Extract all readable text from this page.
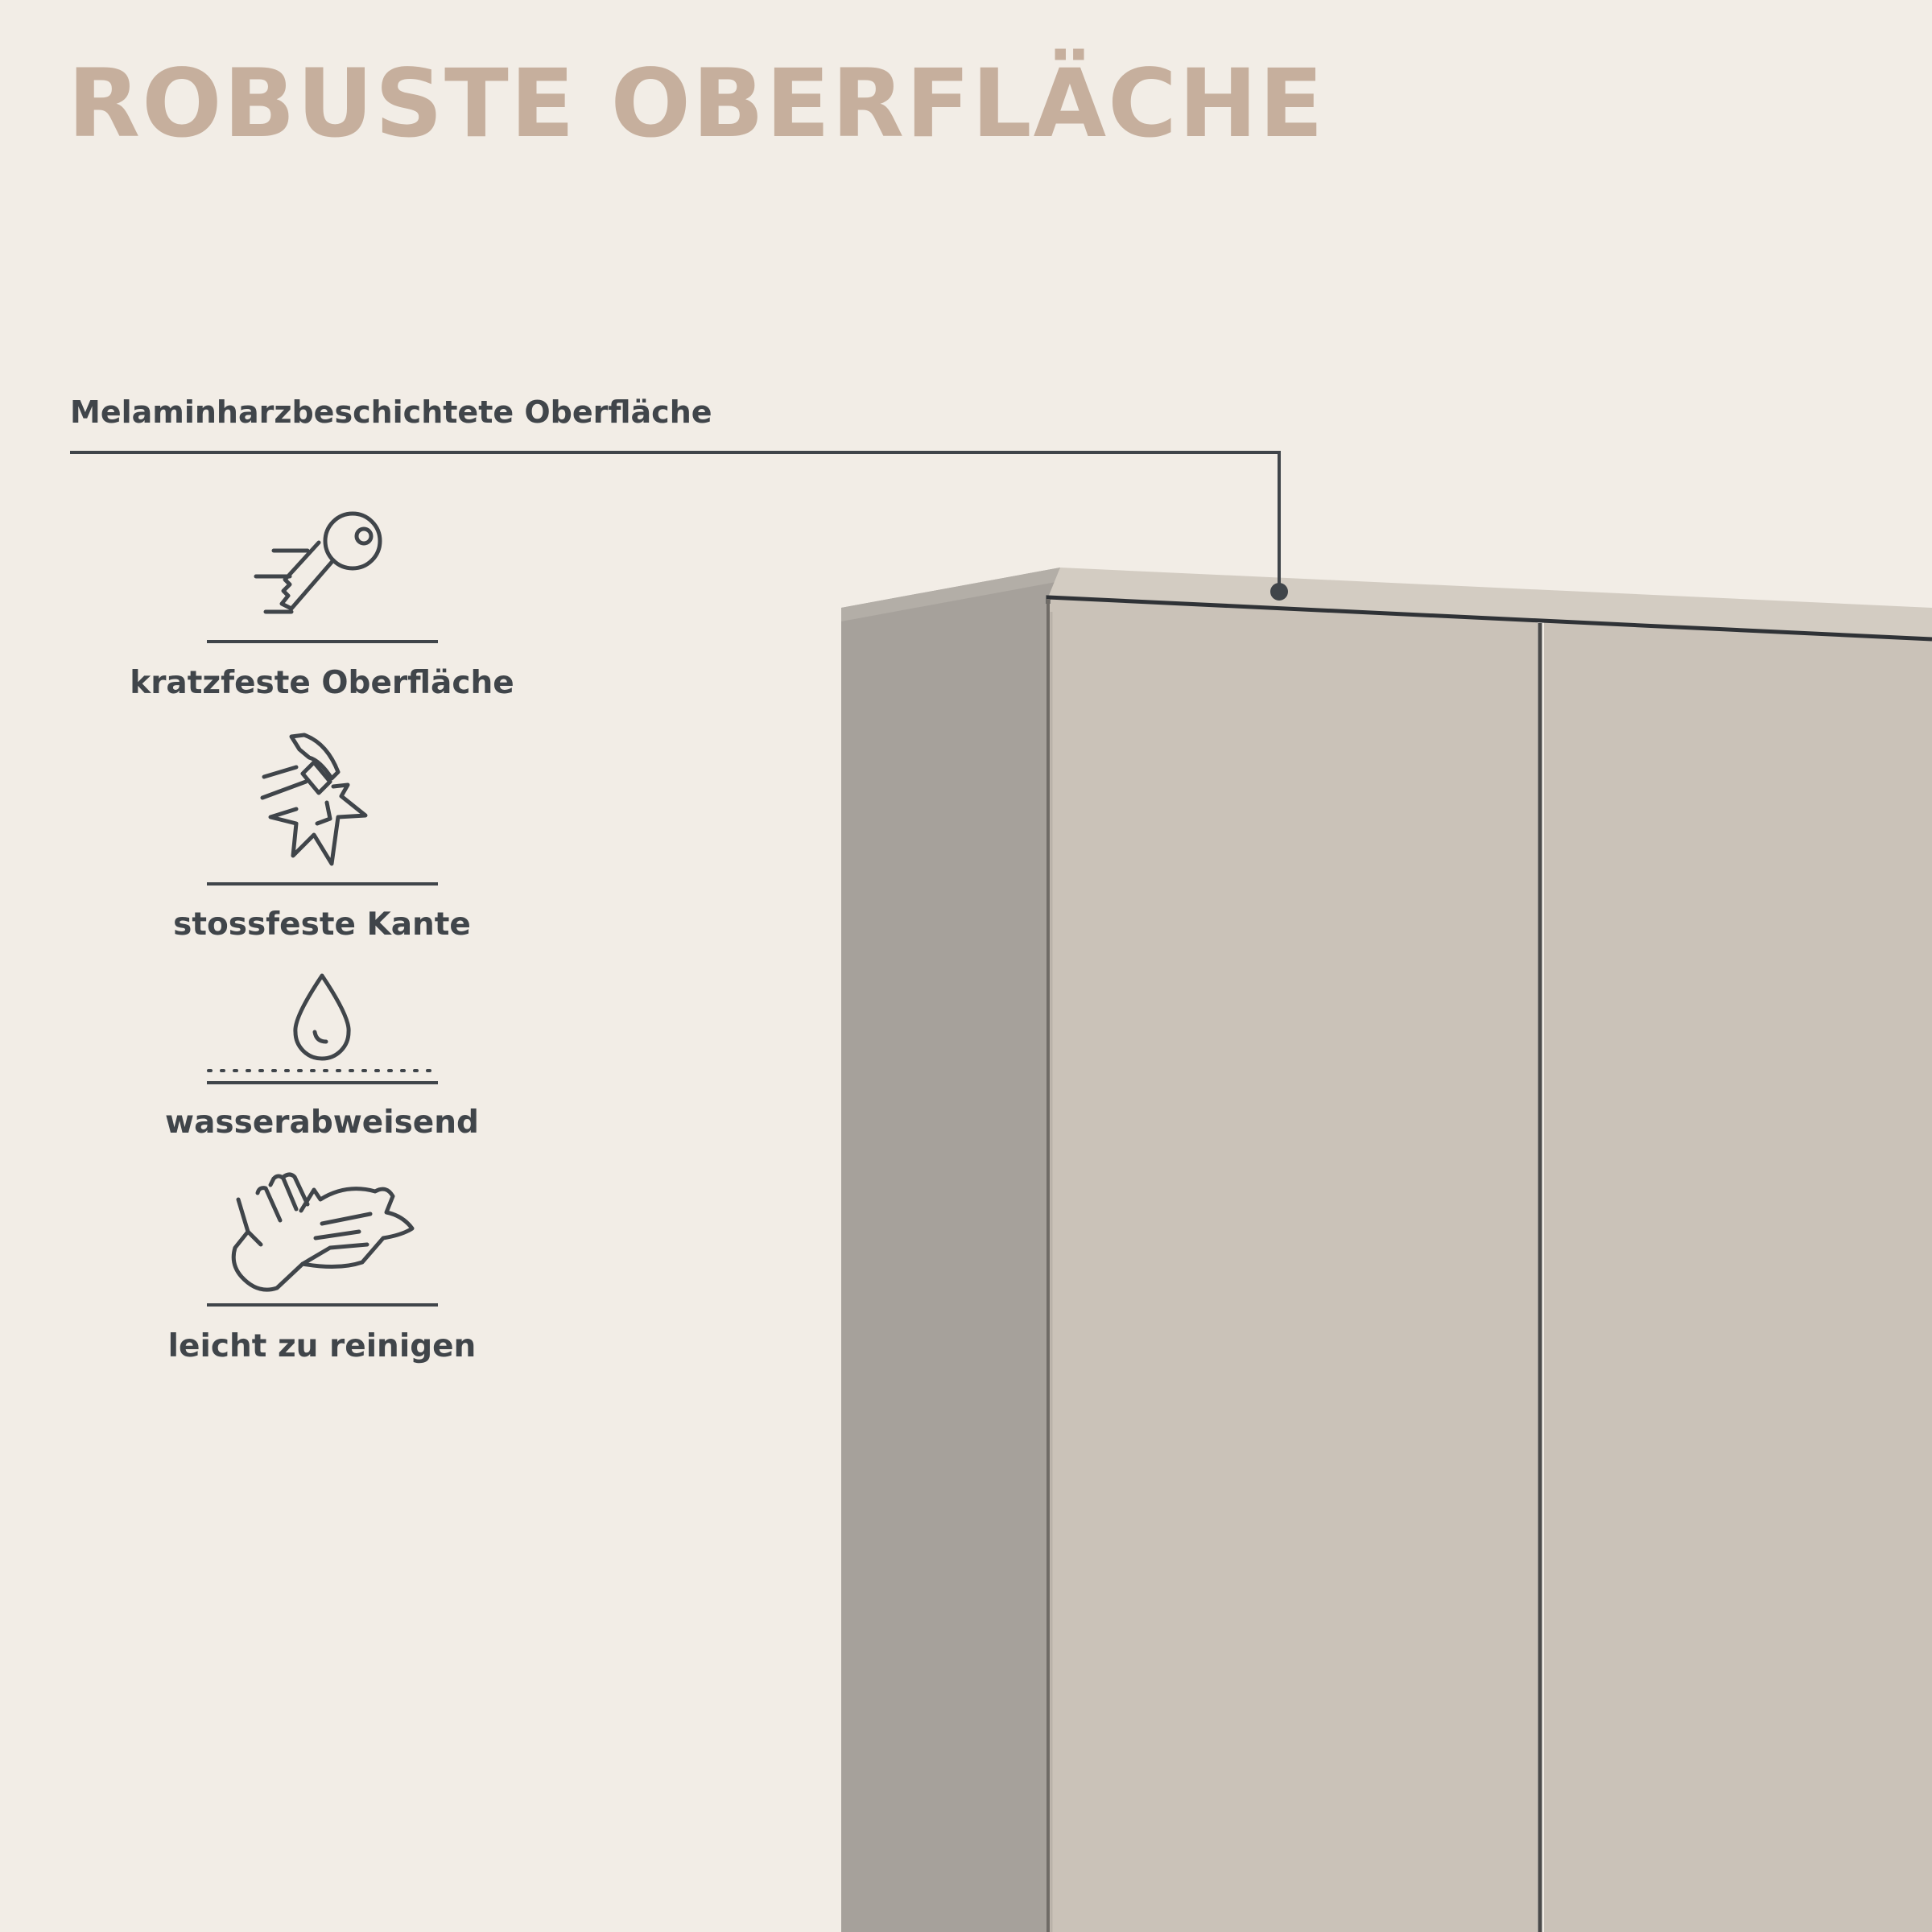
ROBUSTE OBERFLÄCHE
Melaminharzbeschichtete Oberfläche
kratzfeste Oberfläche
stossfeste Kante
wasserabweisend
leicht zu reinigen
